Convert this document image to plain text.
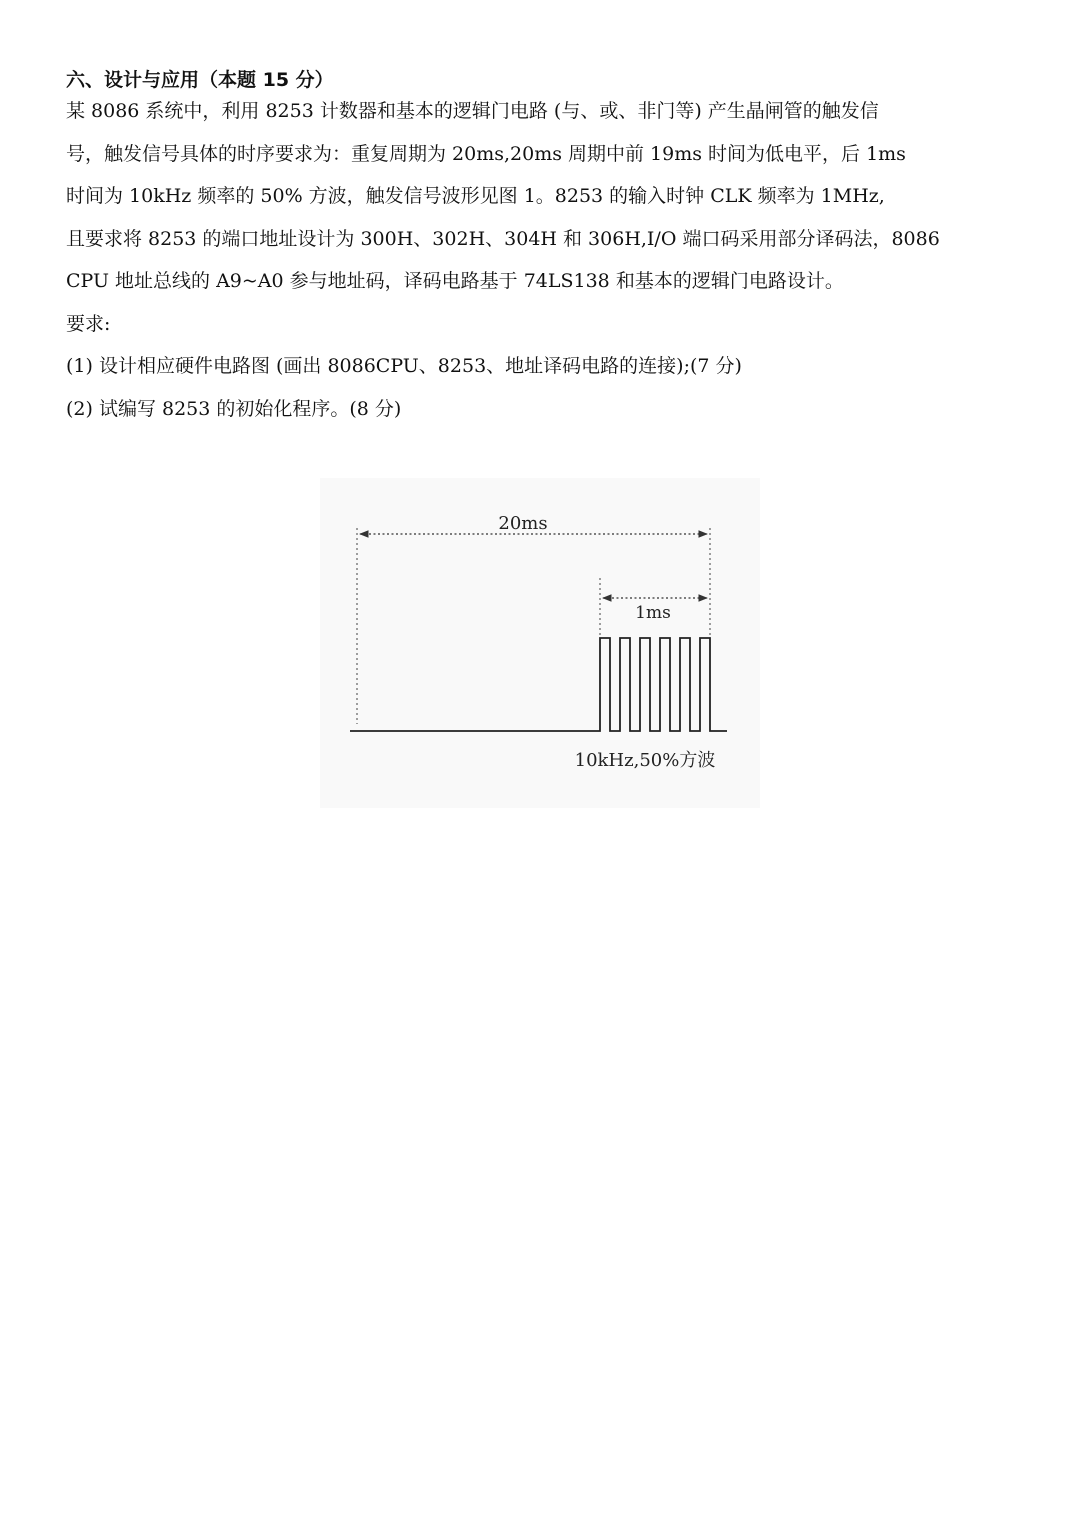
六、设计与应用（本题 15 分）

某 8086 系统中，利用 8253 计数器和基本的逻辑门电路 (与、或、非门等) 产生晶闸管的触发信

号，触发信号具体的时序要求为：重复周期为 20ms,20ms 周期中前 19ms 时间为低电平，后 1ms

时间为 10kHz 频率的 50% 方波，触发信号波形见图 1。8253 的输入时钟 CLK 频率为 1MHz,

且要求将 8253 的端口地址设计为 300H、302H、304H 和 306H,I/O 端口码采用部分译码法，8086

CPU 地址总线的 A9~A0 参与地址码，译码电路基于 74LS138 和基本的逻辑门电路设计。

要求:

(1) 设计相应硬件电路图 (画出 8086CPU、8253、地址译码电路的连接);(7 分)

(2) 试编写 8253 的初始化程序。(8 分)

20ms
1ms
10kHz,50%方波
